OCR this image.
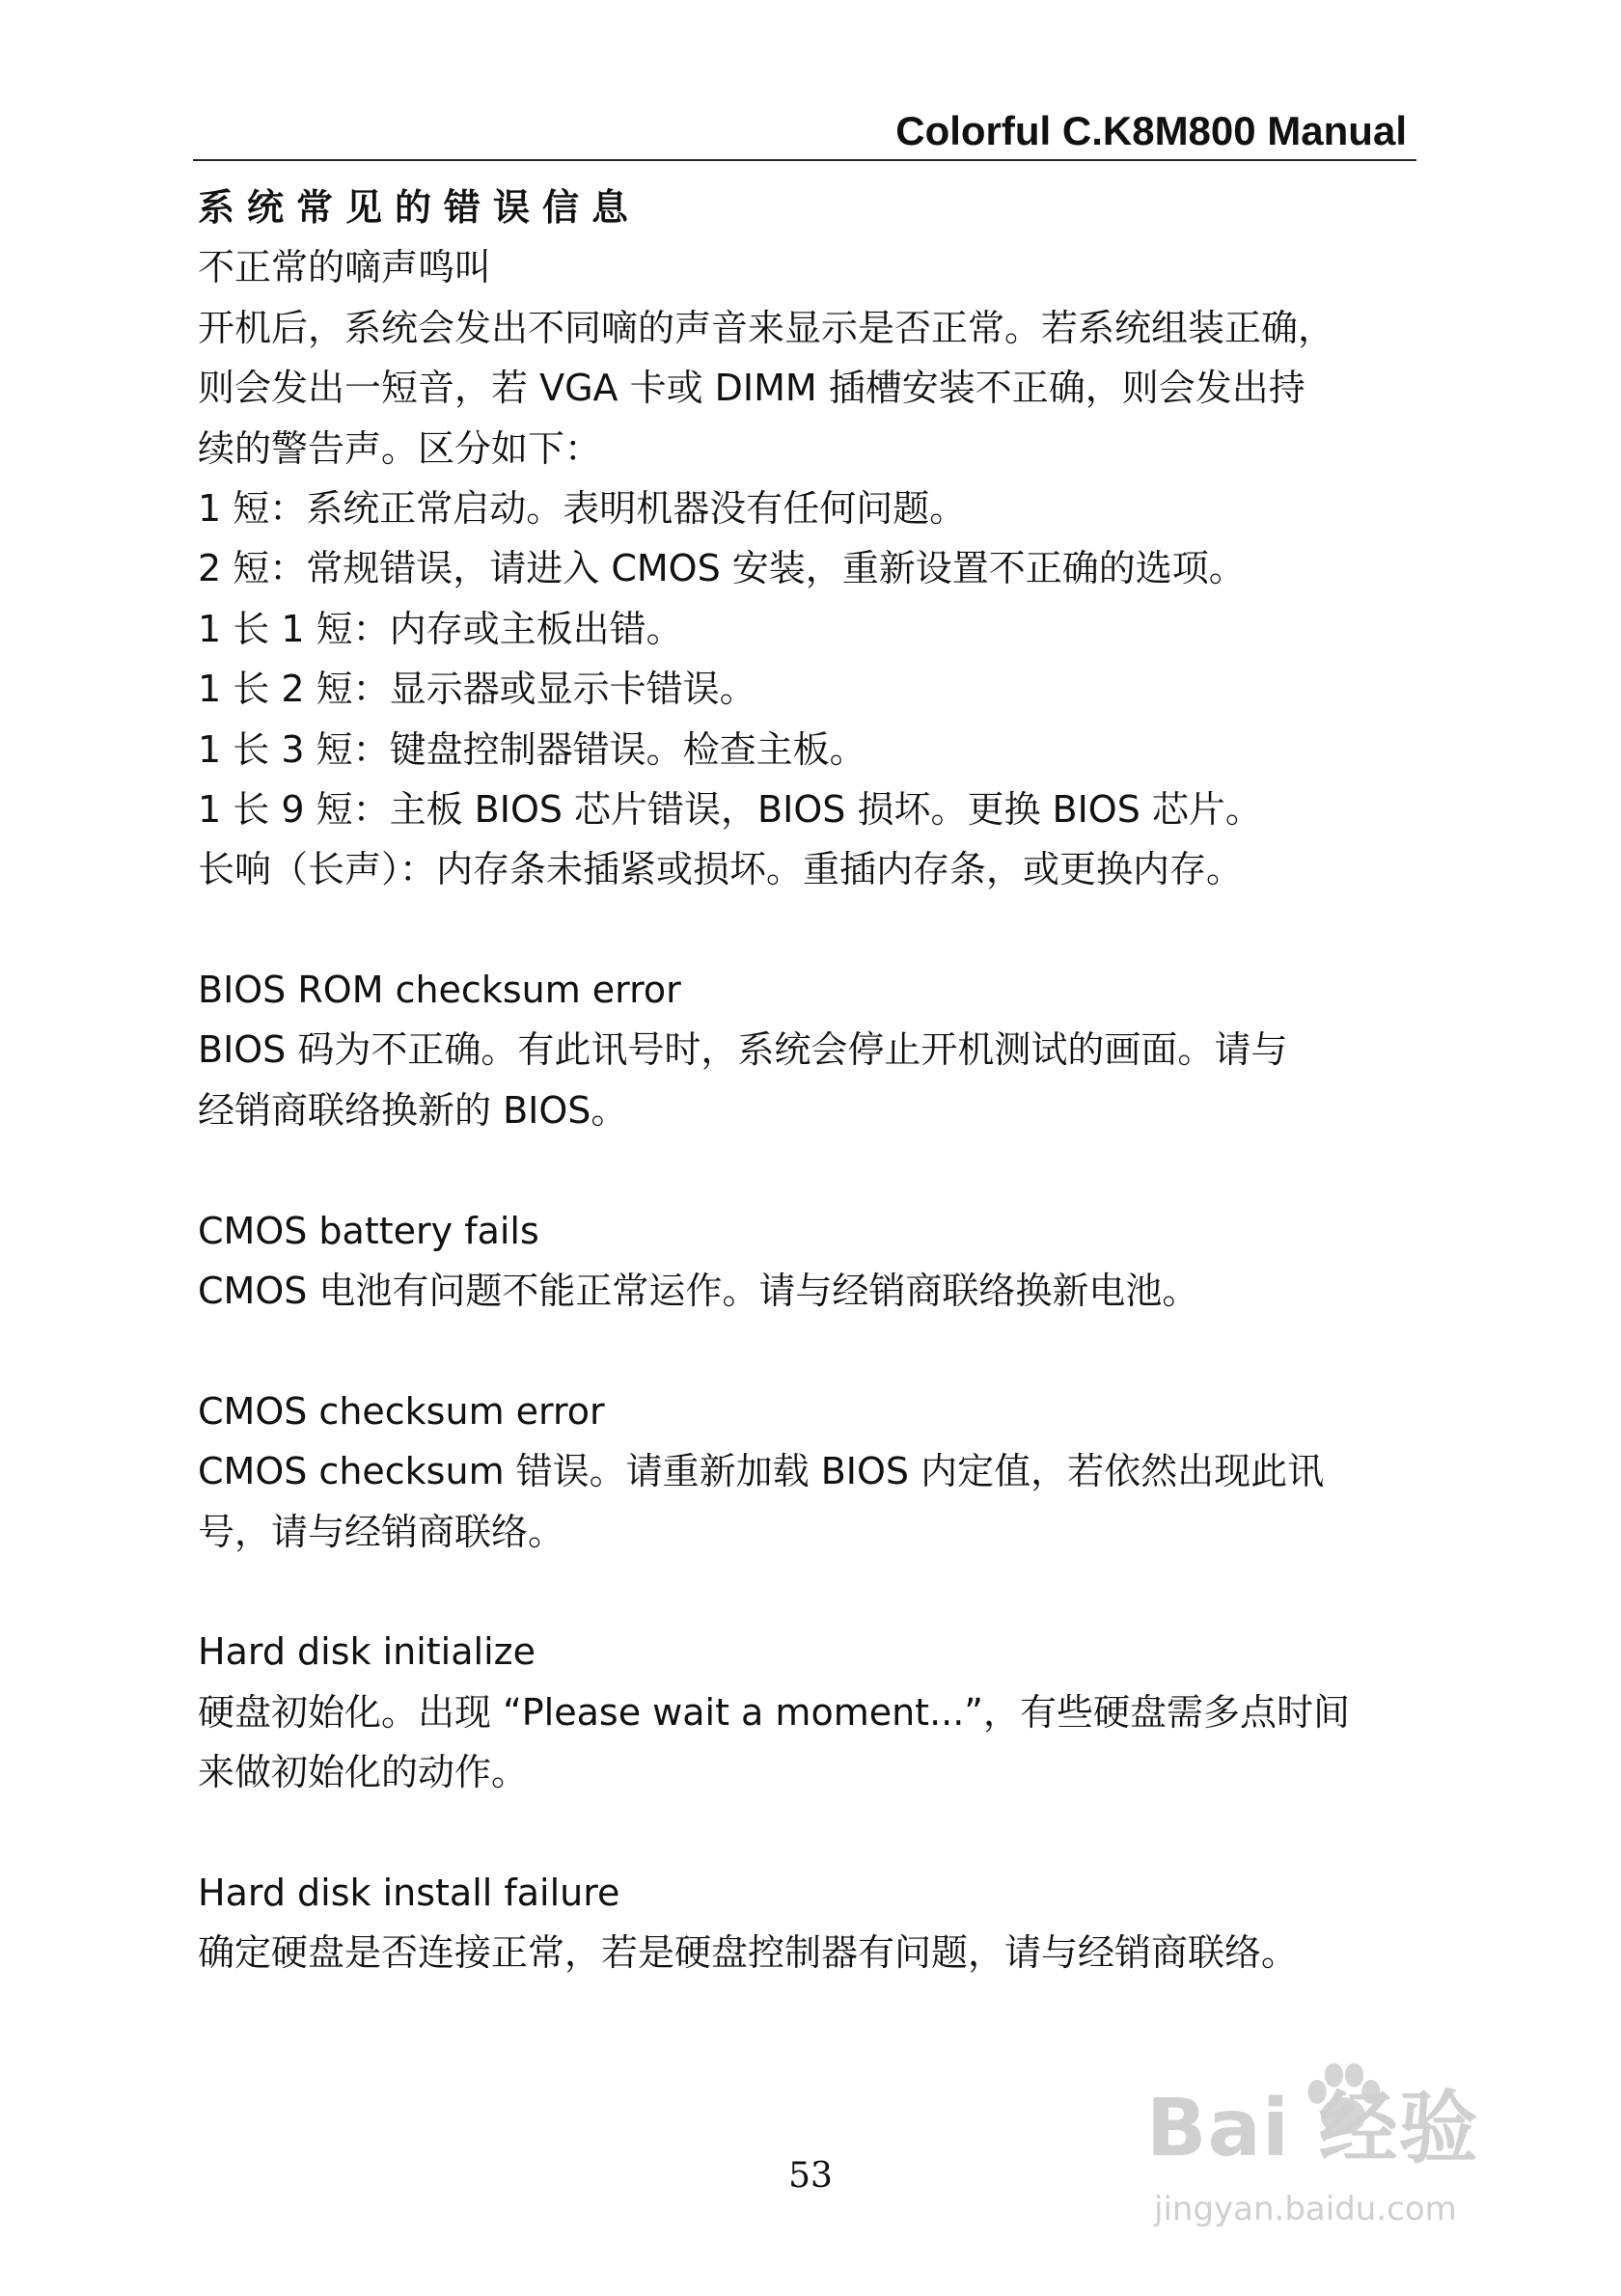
Colorful C.K8M800 Manual
系统常见的错误信息
不正常的嘀声鸣叫
开机后，系统会发出不同嘀的声音来显示是否正常。若系统组装正确，
则会发出一短音，若 VGA 卡或 DIMM 插槽安装不正确，则会发出持
续的警告声。区分如下：
1 短：系统正常启动。表明机器没有任何问题。
2 短：常规错误，请进入 CMOS 安装，重新设置不正确的选项。
1 长 1 短：内存或主板出错。
1 长 2 短：显示器或显示卡错误。
1 长 3 短：键盘控制器错误。检查主板。
1 长 9 短：主板 BIOS 芯片错误，BIOS 损坏。更换 BIOS 芯片。
长响（长声）：内存条未插紧或损坏。重插内存条，或更换内存。
BIOS ROM checksum error
BIOS 码为不正确。有此讯号时，系统会停止开机测试的画面。请与
经销商联络换新的 BIOS。
CMOS battery fails
CMOS 电池有问题不能正常运作。请与经销商联络换新电池。
CMOS checksum error
CMOS checksum 错误。请重新加载 BIOS 内定值，若依然出现此讯
号，请与经销商联络。
Hard disk initialize
硬盘初始化。出现 “Please wait a moment...”，有些硬盘需多点时间
来做初始化的动作。
Hard disk install failure
确定硬盘是否连接正常，若是硬盘控制器有问题，请与经销商联络。
53
Bai 经验
jingyan.baidu.com
